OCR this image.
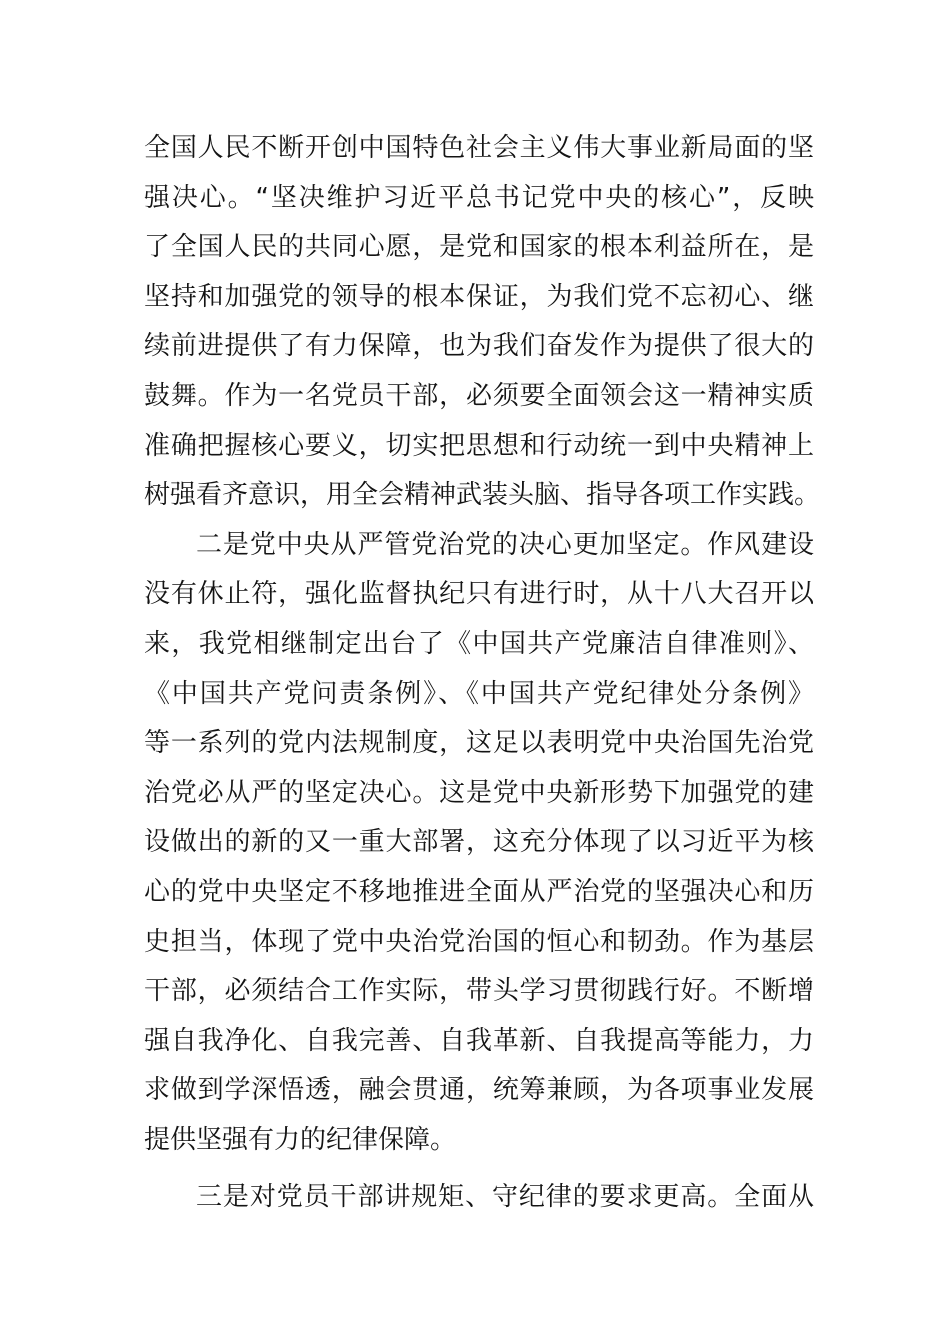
全国人民不断开创中国特色社会主义伟大事业新局面的坚
强决心。“坚决维护习近平总书记党中央的核心”，反映
了全国人民的共同心愿，是党和国家的根本利益所在，是
坚持和加强党的领导的根本保证，为我们党不忘初心、继
续前进提供了有力保障，也为我们奋发作为提供了很大的
鼓舞。作为一名党员干部，必须要全面领会这一精神实质
准确把握核心要义，切实把思想和行动统一到中央精神上
树强看齐意识，用全会精神武装头脑、指导各项工作实践。
二是党中央从严管党治党的决心更加坚定。作风建设
没有休止符，强化监督执纪只有进行时，从十八大召开以
来，我党相继制定出台了《中国共产党廉洁自律准则》、
《中国共产党问责条例》、《中国共产党纪律处分条例》
等一系列的党内法规制度，这足以表明党中央治国先治党
治党必从严的坚定决心。这是党中央新形势下加强党的建
设做出的新的又一重大部署，这充分体现了以习近平为核
心的党中央坚定不移地推进全面从严治党的坚强决心和历
史担当，体现了党中央治党治国的恒心和韧劲。作为基层
干部，必须结合工作实际，带头学习贯彻践行好。不断增
强自我净化、自我完善、自我革新、自我提高等能力，力
求做到学深悟透，融会贯通，统筹兼顾，为各项事业发展
提供坚强有力的纪律保障。
三是对党员干部讲规矩、守纪律的要求更高。全面从
